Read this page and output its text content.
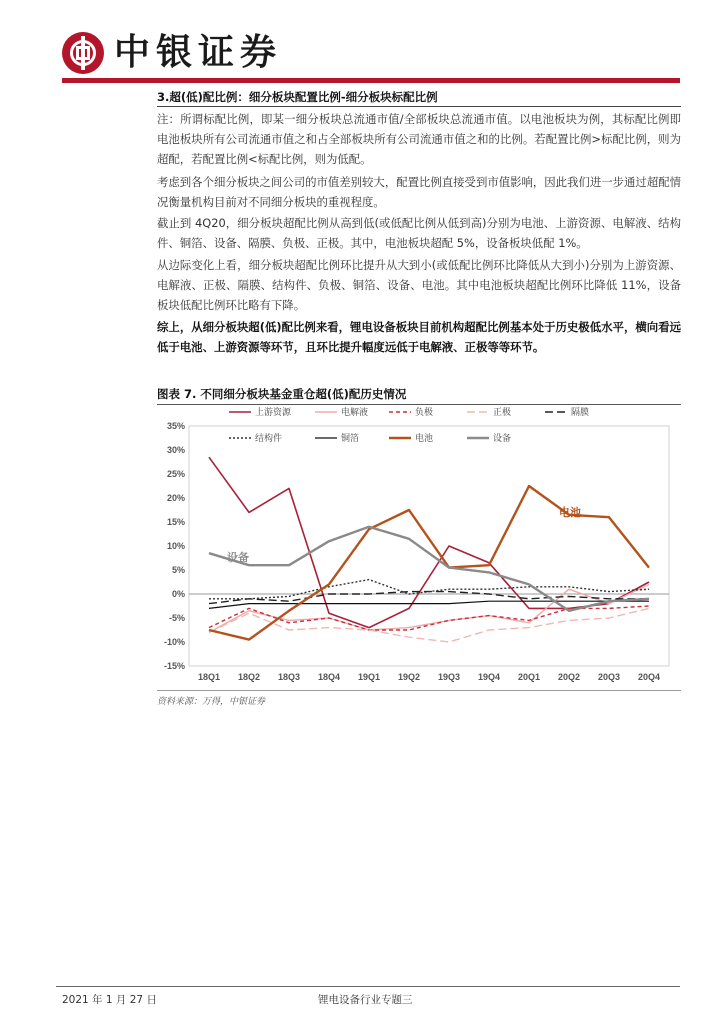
中银证券
3.超(低)配比例：细分板块配置比例-细分板块标配比例

注：所谓标配比例，即某一细分板块总流通市值/全部板块总流通市值。以电池板块为例，其标配比例即电池板块所有公司流通市值之和占全部板块所有公司流通市值之和的比例。若配置比例>标配比例，则为超配，若配置比例<标配比例，则为低配。

考虑到各个细分板块之间公司的市值差别较大，配置比例直接受到市值影响，因此我们进一步通过超配情况衡量机构目前对不同细分板块的重视程度。

截止到 4Q20，细分板块超配比例从高到低(或低配比例从低到高)分别为电池、上游资源、电解液、结构件、铜箔、设备、隔膜、负极、正极。其中，电池板块超配 5%，设备板块低配 1%。

从边际变化上看，细分板块超配比例环比提升从大到小(或低配比例环比降低从大到小)分别为上游资源、电解液、正极、隔膜、结构件、负极、铜箔、设备、电池。其中电池板块超配比例环比降低 11%，设备板块低配比例环比略有下降。

综上，从细分板块超(低)配比例来看，锂电设备板块目前机构超配比例基本处于历史极低水平，横向看远低于电池、上游资源等环节，且环比提升幅度远低于电解液、正极等等环节。

图表 7. 不同细分板块基金重仓超(低)配历史情况
35%
30%
25%
20%
15%
10%
5%
0%
-5%
-10%
-15%
18Q1 18Q2 18Q3 18Q4 19Q1 19Q2 19Q3 19Q4 20Q1 20Q2 20Q3 20Q4
上游资源	电解液	负极	正极	隔膜
结构件	铜箔	电池	设备
电池
设备
资料来源：万得，中银证券
2021 年 1 月 27 日	锂电设备行业专题三
